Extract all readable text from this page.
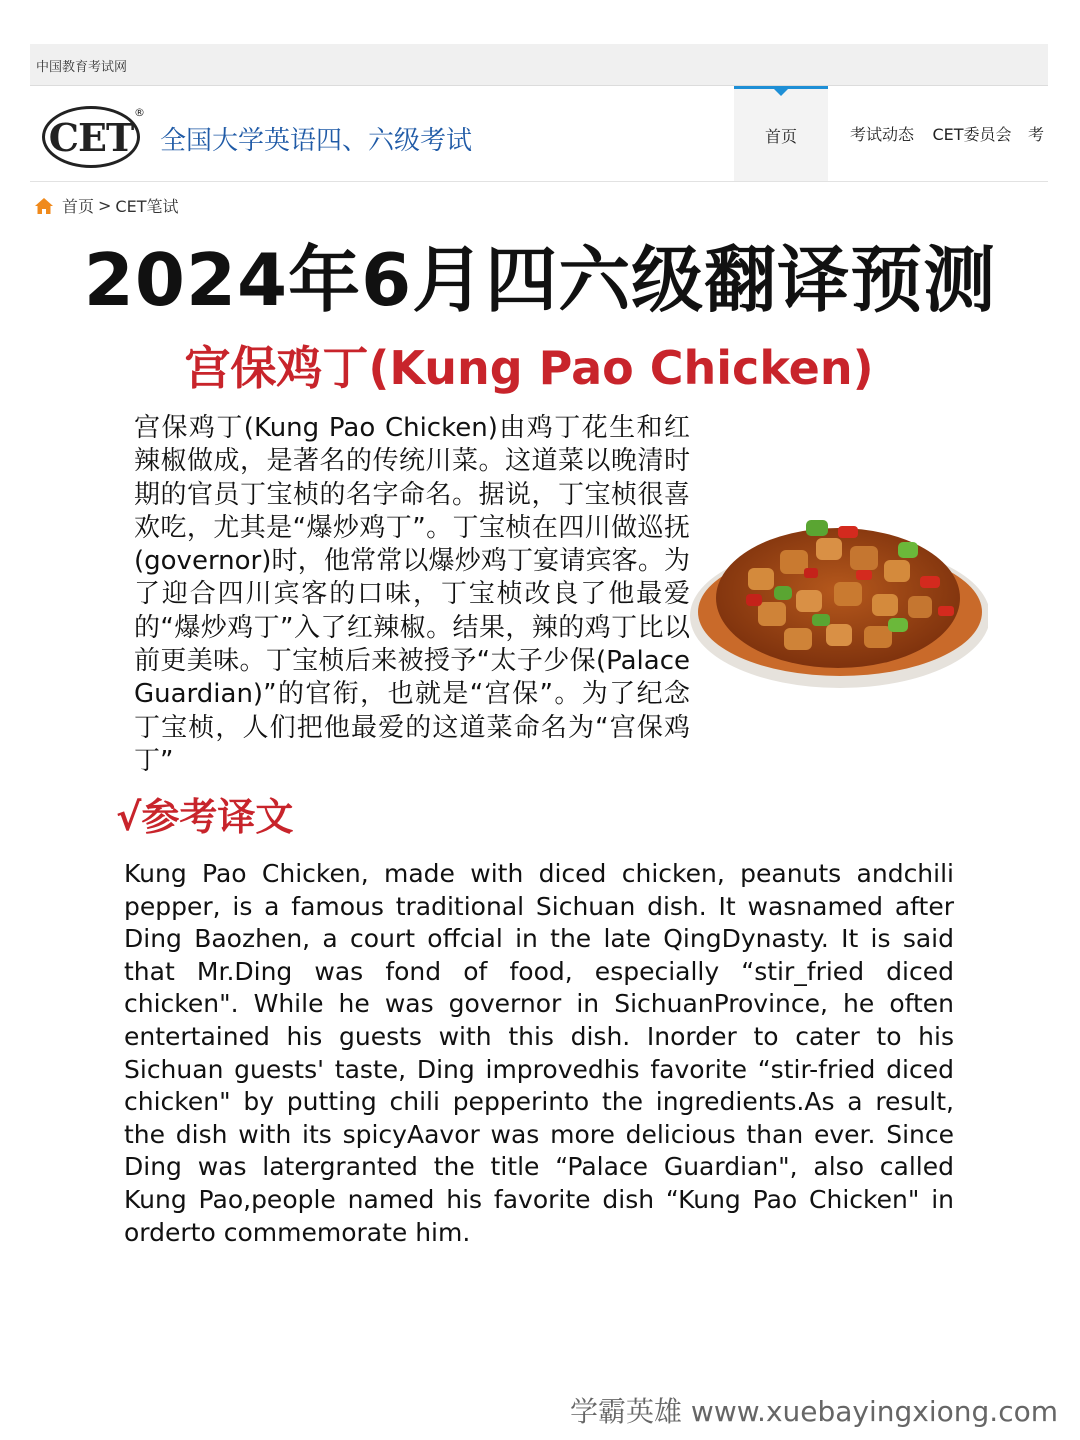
中国教育考试网
CET
®
全国大学英语四、六级考试	首页	考试动态 CET委员会 考
首页 > CET笔试
2024年6月四六级翻译预测
宫保鸡丁(Kung Pao Chicken)
宫保鸡丁(Kung Pao Chicken)由鸡丁花生和红辣椒做成，是著名的传统川菜。这道菜以晚清时期的官员丁宝桢的名字命名。据说，丁宝桢很喜欢吃，尤其是“爆炒鸡丁”。丁宝桢在四川做巡抚(governor)时，他常常以爆炒鸡丁宴请宾客。为了迎合四川宾客的口味，丁宝桢改良了他最爱的“爆炒鸡丁”入了红辣椒。结果，辣的鸡丁比以前更美味。丁宝桢后来被授予“太子少保(Palace Guardian)”的官衔，也就是“宫保”。为了纪念丁宝桢，人们把他最爱的这道菜命名为“宫保鸡丁”
√参考译文
Kung Pao Chicken, made with diced chicken, peanuts andchili pepper, is a famous traditional Sichuan dish. It wasnamed after Ding Baozhen, a court offcial in the late QingDynasty. It is said that Mr.Ding was fond of food, especially “stir_fried diced chicken". While he was governor in SichuanProvince, he often entertained his guests with this dish. Inorder to cater to his Sichuan guests' taste, Ding improvedhis favorite “stir-fried diced chicken" by putting chili pepperinto the ingredients.As a result, the dish with its spicyAavor was more delicious than ever. Since Ding was latergranted the title “Palace Guardian", also called Kung Pao,people named his favorite dish “Kung Pao Chicken" in orderto commemorate him.
学霸英雄 www.xuebayingxiong.com
